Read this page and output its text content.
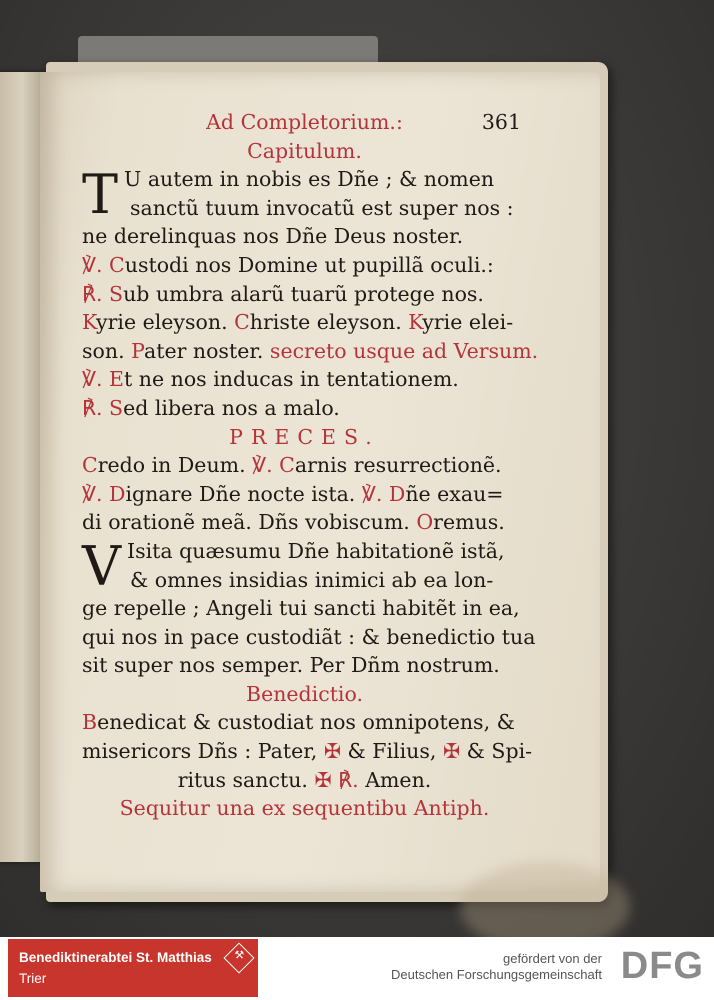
Ad Completorium.:	361
Capitulum.
T U autem in nobis es Dñe ; & nomen
sanctũ tuum invocatũ est super nos :
ne derelinquas nos Dñe Deus noster.
℣. Custodi nos Domine ut pupillã oculi.:
℟. Sub umbra alarũ tuarũ protege nos.
Kyrie eleyson. Christe eleyson. Kyrie elei-
son. Pater noster. secreto usque ad Versum.
℣. Et ne nos inducas in tentationem.
℟. Sed libera nos a malo.
PRECES.
Credo in Deum. ℣. Carnis resurrectionẽ.
℣. Dignare Dñe nocte ista. ℣. Dñe exau=
di orationẽ meã. Dñs vobiscum. Oremus.
V Isita quæsumu Dñe habitationẽ istã,
& omnes insidias inimici ab ea lon-
ge repelle ; Angeli tui sancti habitẽt in ea,
qui nos in pace custodiãt : & benedictio tua
sit super nos semper. Per Dñm nostrum.
Benedictio.
Benedicat & custodiat nos omnipotens, &
misericors Dñs : Pater, ✠ & Filius, ✠ & Spi-
ritus sanctu. ✠ ℟. Amen.
Sequitur una ex sequentibu Antiph.
Benediktinerabtei St. Matthias
Trier
⚒	gefördert von der
Deutschen Forschungsgemeinschaft DFG
